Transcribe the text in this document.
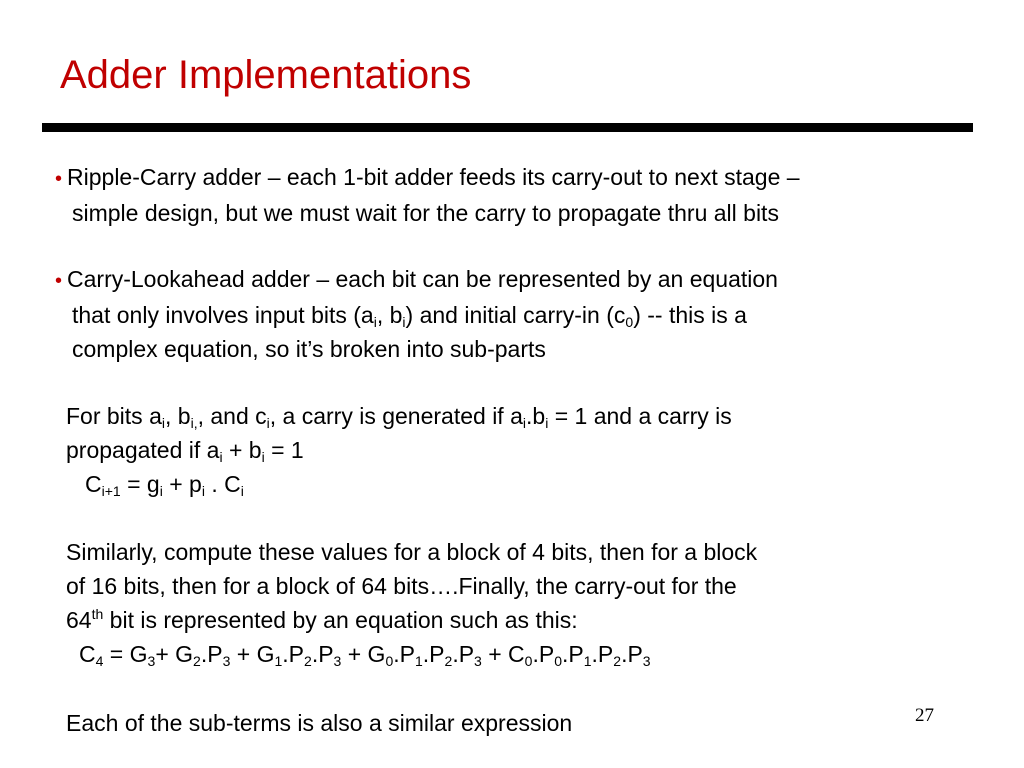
Adder Implementations
• Ripple-Carry adder – each 1-bit adder feeds its carry-out to next stage –
simple design, but we must wait for the carry to propagate thru all bits
• Carry-Lookahead adder – each bit can be represented by an equation
that only involves input bits ($a_i$, $b_i$) and initial carry-in $(c_0)$ -- this is a
complex equation, so it’s broken into sub-parts
For bits $a_i$, $b_{i,}$, and $c_i$, a carry is generated if $a_i.b_i = 1$ and a carry is
propagated if $a_i + b_i = 1$
$C_{i+1} = g_i + p_i$ . $C_i$
Similarly, compute these values for a block of 4 bits, then for a block
of 16 bits, then for a block of 64 bits….Finally, the carry-out for the
64th bit is represented by an equation such as this:
$C_4 = G_3+ G_2.P_3 + G_1.P_2.P_3 + G_0.P_1.P_2.P_3 + C_0.P_0.P_1.P_2.P_3$
Each of the sub-terms is also a similar expression	27
